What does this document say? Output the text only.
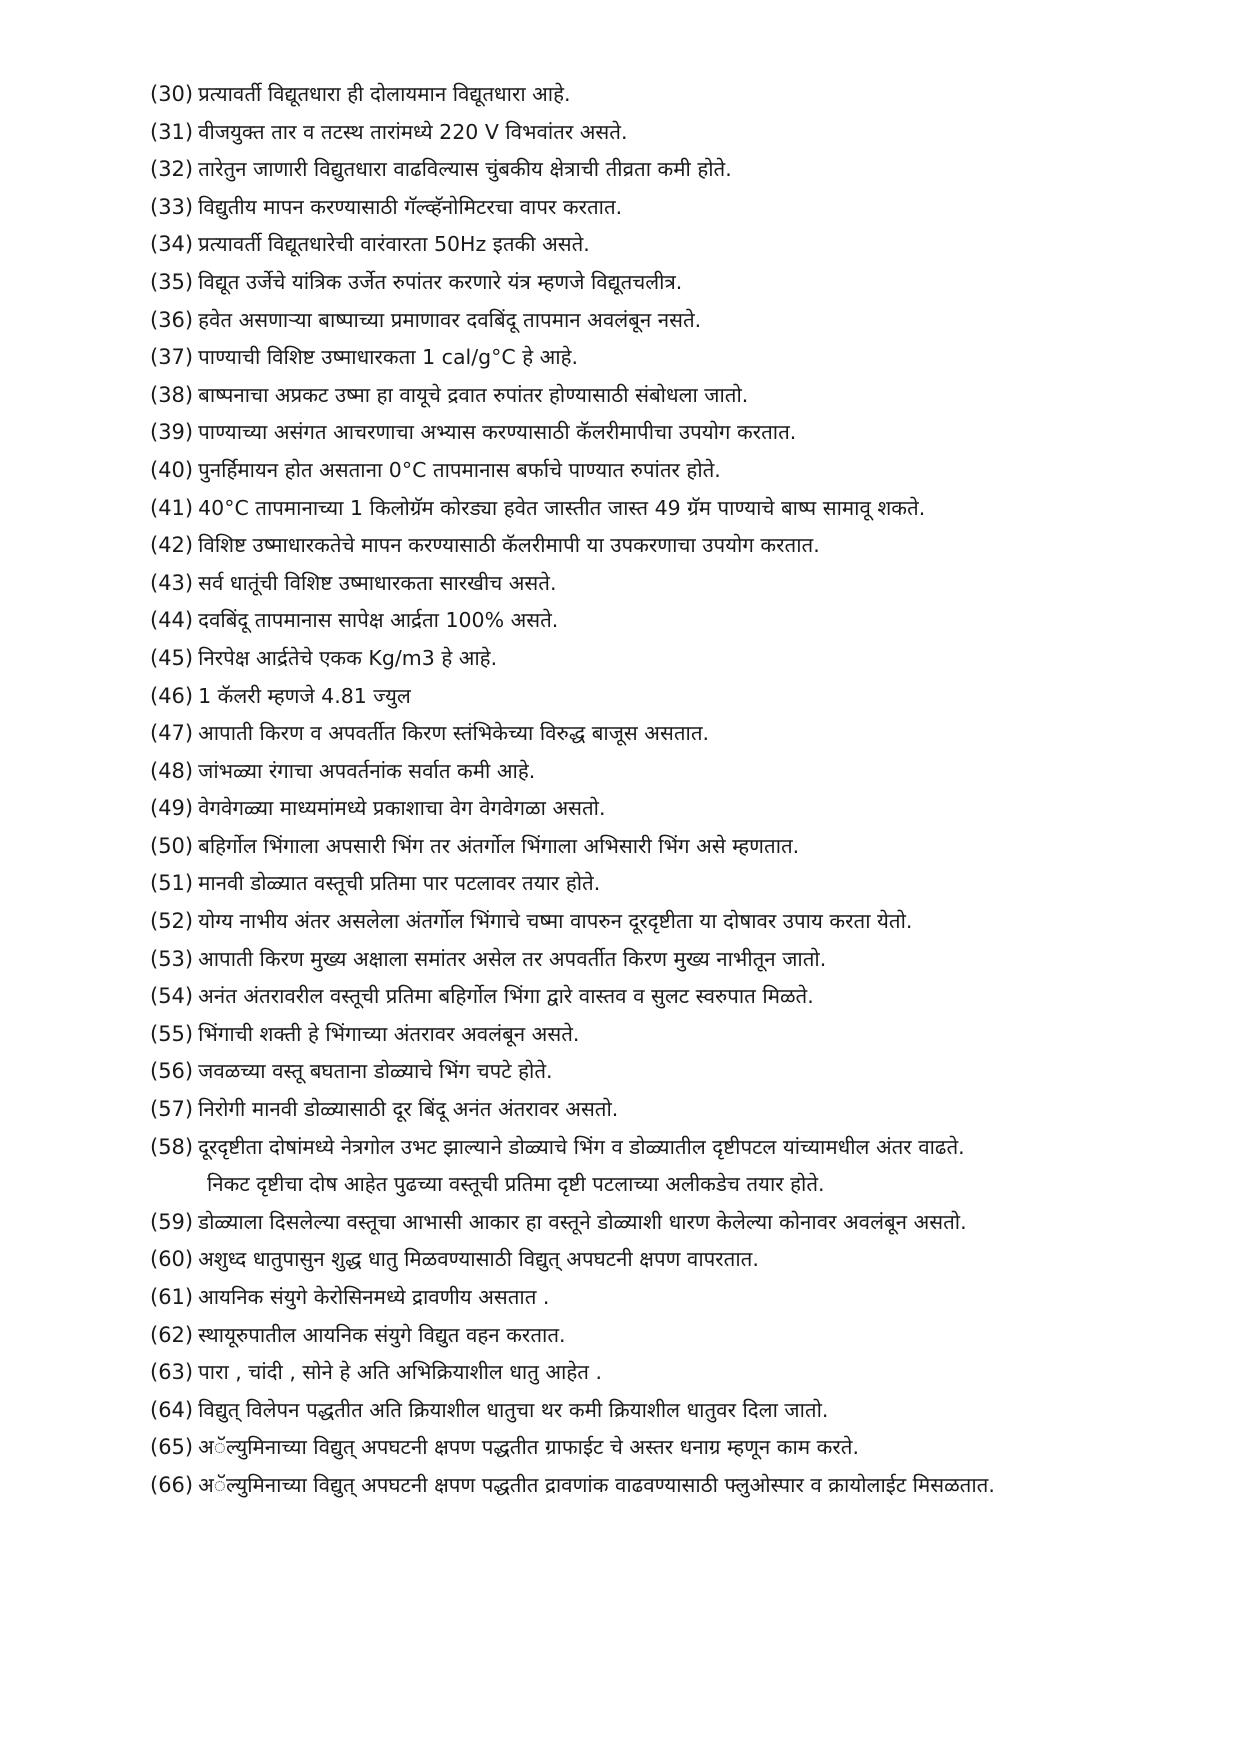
(30) प्रत्यावर्ती विद्यूतधारा ही दोलायमान विद्यूतधारा आहे.
(31) वीजयुक्त तार व तटस्थ तारांमध्ये 220 V विभवांतर असते.
(32) तारेतुन जाणारी विद्युतधारा वाढविल्यास चुंबकीय क्षेत्राची तीव्रता कमी होते.
(33) विद्युतीय मापन करण्यासाठी गॅल्व्हॅनोमिटरचा वापर करतात.
(34) प्रत्यावर्ती विद्यूतधारेची वारंवारता 50Hz इतकी असते.
(35) विद्यूत उर्जेचे यांत्रिक उर्जेत रुपांतर करणारे यंत्र म्हणजे विद्यूतचलीत्र.
(36) हवेत असणाऱ्या बाष्पाच्या प्रमाणावर दवबिंदू तापमान अवलंबून नसते.
(37) पाण्याची विशिष्ट उष्माधारकता 1 cal/g°C हे आहे.
(38) बाष्पनाचा अप्रकट उष्मा हा वायूचे द्रवात रुपांतर होण्यासाठी संबोधला जातो.
(39) पाण्याच्या असंगत आचरणाचा अभ्यास करण्यासाठी कॅलरीमापीचा उपयोग करतात.
(40) पुनर्हिमायन होत असताना 0°C तापमानास बर्फाचे पाण्यात रुपांतर होते.
(41) 40°C तापमानाच्या 1 किलोग्रॅम कोरड्या हवेत जास्तीत जास्त 49 ग्रॅम पाण्याचे बाष्प सामावू शकते.
(42) विशिष्ट उष्माधारकतेचे मापन करण्यासाठी कॅलरीमापी या उपकरणाचा उपयोग करतात.
(43) सर्व धातूंची विशिष्ट उष्माधारकता सारखीच असते.
(44) दवबिंदू तापमानास सापेक्ष आर्द्रता 100% असते.
(45) निरपेक्ष आर्द्रतेचे एकक Kg/m3 हे आहे.
(46) 1 कॅलरी म्हणजे 4.81 ज्युल
(47) आपाती किरण व अपवर्तीत किरण स्तंभिकेच्या विरुद्ध बाजूस असतात.
(48) जांभळ्या रंगाचा अपवर्तनांक सर्वात कमी आहे.
(49) वेगवेगळ्या माध्यमांमध्ये प्रकाशाचा वेग वेगवेगळा असतो.
(50) बहिर्गोल भिंगाला अपसारी भिंग तर अंतर्गोल भिंगाला अभिसारी भिंग असे म्हणतात.
(51) मानवी डोळ्यात वस्तूची प्रतिमा पार पटलावर तयार होते.
(52) योग्य नाभीय अंतर असलेला अंतर्गोल भिंगाचे चष्मा वापरुन दूरदृष्टीता या दोषावर उपाय करता येतो.
(53) आपाती किरण मुख्य अक्षाला समांतर असेल तर अपवर्तीत किरण मुख्य नाभीतून जातो.
(54) अनंत अंतरावरील वस्तूची प्रतिमा बहिर्गोल भिंगा द्वारे वास्तव व सुलट स्वरुपात मिळते.
(55) भिंगाची शक्ती हे भिंगाच्या अंतरावर अवलंबून असते.
(56) जवळच्या वस्तू बघताना डोळ्याचे भिंग चपटे होते.
(57) निरोगी मानवी डोळ्यासाठी दूर बिंदू अनंत अंतरावर असतो.
(58) दूरदृष्टीता दोषांमध्ये नेत्रगोल उभट झाल्याने डोळ्याचे भिंग व डोळ्यातील दृष्टीपटल यांच्यामधील अंतर वाढते.
निकट दृष्टीचा दोष आहेत पुढच्या वस्तूची प्रतिमा दृष्टी पटलाच्या अलीकडेच तयार होते.
(59) डोळ्याला दिसलेल्या वस्तूचा आभासी आकार हा वस्तूने डोळ्याशी धारण केलेल्या कोनावर अवलंबून असतो.
(60) अशुध्द धातुपासुन शुद्ध धातु मिळवण्यासाठी विद्युत् अपघटनी क्षपण वापरतात.
(61) आयनिक संयुगे केरोसिनमध्ये द्रावणीय असतात .
(62) स्थायूरुपातील आयनिक संयुगे विद्युत वहन करतात.
(63) पारा , चांदी , सोने हे अति अभिक्रियाशील धातु आहेत .
(64) विद्युत् विलेपन पद्धतीत अति क्रियाशील धातुचा थर कमी क्रियाशील धातुवर दिला जातो.
(65) अॅल्युमिनाच्या विद्युत् अपघटनी क्षपण पद्धतीत ग्राफाईट चे अस्तर धनाग्र म्हणून काम करते.
(66) अॅल्युमिनाच्या विद्युत् अपघटनी क्षपण पद्धतीत द्रावणांक वाढवण्यासाठी फ्लुओस्पार व क्रायोलाईट मिसळतात.
